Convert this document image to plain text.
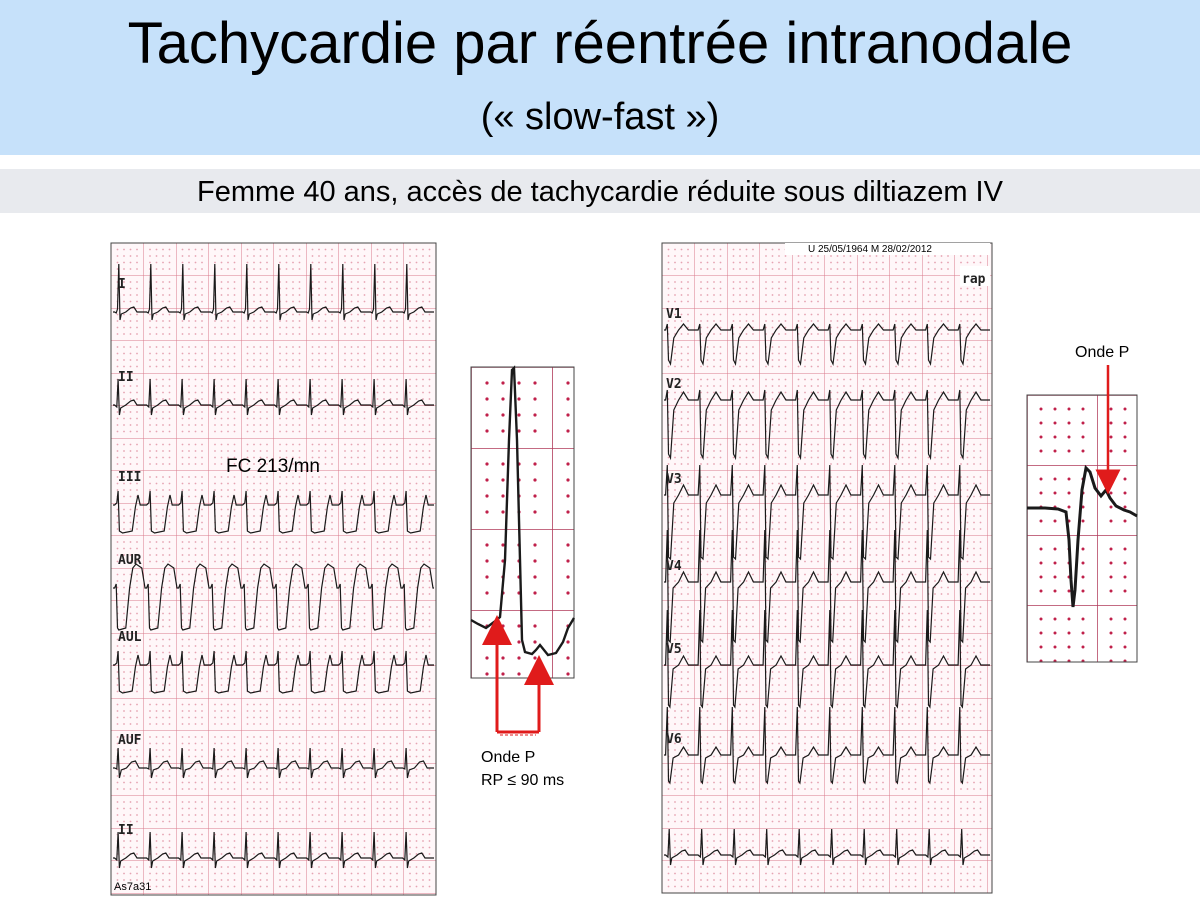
Tachycardie par réentrée intranodale
(« slow-fast »)
Femme 40 ans, accès de tachycardie réduite sous diltiazem IV
I
II
III
AUR
AUL
AUF
II
FC 213/mn
As7a31
Onde P
RP ≤ 90 ms
U 25/05/1964 M 28/02/2012
rap
V1
V2
V3
V4
V5
V6
Onde P
